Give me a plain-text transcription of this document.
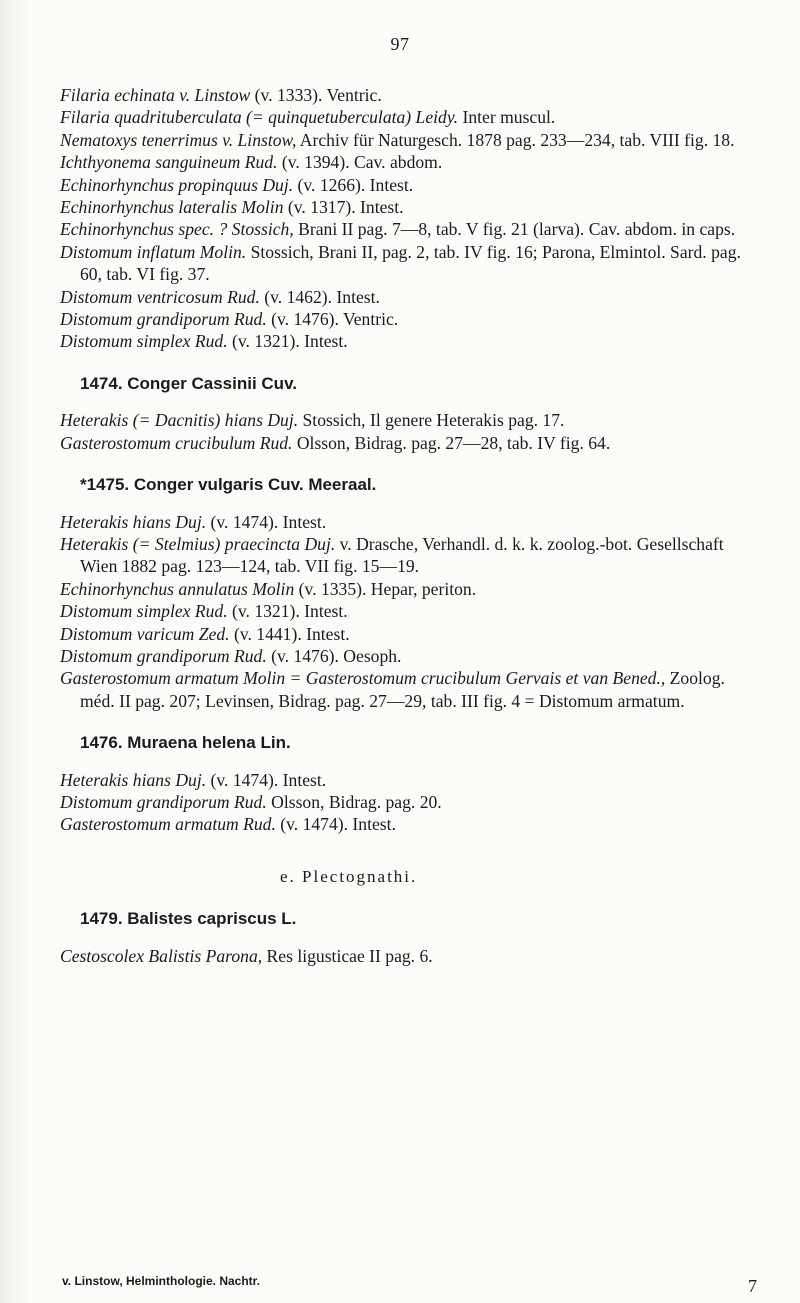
97

Filaria echinata v. Linstow (v. 1333). Ventric.

Filaria quadrituberculata (= quinquetuberculata) Leidy. Inter muscul.

Nematoxys tenerrimus v. Linstow, Archiv für Naturgesch. 1878 pag. 233—234, tab. VIII fig. 18.

Ichthyonema sanguineum Rud. (v. 1394). Cav. abdom.

Echinorhynchus propinquus Duj. (v. 1266). Intest.

Echinorhynchus lateralis Molin (v. 1317). Intest.

Echinorhynchus spec. ? Stossich, Brani II pag. 7—8, tab. V fig. 21 (larva). Cav. abdom. in caps.

Distomum inflatum Molin. Stossich, Brani II, pag. 2, tab. IV fig. 16; Parona, Elmintol. Sard. pag. 60, tab. VI fig. 37.

Distomum ventricosum Rud. (v. 1462). Intest.

Distomum grandiporum Rud. (v. 1476). Ventric.

Distomum simplex Rud. (v. 1321). Intest.

1474. Conger Cassinii Cuv.

Heterakis (= Dacnitis) hians Duj. Stossich, Il genere Heterakis pag. 17.

Gasterostomum crucibulum Rud. Olsson, Bidrag. pag. 27—28, tab. IV fig. 64.

*1475. Conger vulgaris Cuv. Meeraal.

Heterakis hians Duj. (v. 1474). Intest.

Heterakis (= Stelmius) praecincta Duj. v. Drasche, Verhandl. d. k. k. zoolog.-bot. Gesellschaft Wien 1882 pag. 123—124, tab. VII fig. 15—19.

Echinorhynchus annulatus Molin (v. 1335). Hepar, periton.

Distomum simplex Rud. (v. 1321). Intest.

Distomum varicum Zed. (v. 1441). Intest.

Distomum grandiporum Rud. (v. 1476). Oesoph.

Gasterostomum armatum Molin = Gasterostomum crucibulum Gervais et van Bened., Zoolog. méd. II pag. 207; Levinsen, Bidrag. pag. 27—29, tab. III fig. 4 = Distomum armatum.

1476. Muraena helena Lin.

Heterakis hians Duj. (v. 1474). Intest.

Distomum grandiporum Rud. Olsson, Bidrag. pag. 20.

Gasterostomum armatum Rud. (v. 1474). Intest.

e. Plectognathi.

1479. Balistes capriscus L.

Cestoscolex Balistis Parona, Res ligusticae II pag. 6.

v. Linstow, Helminthologie. Nachtr.	7
